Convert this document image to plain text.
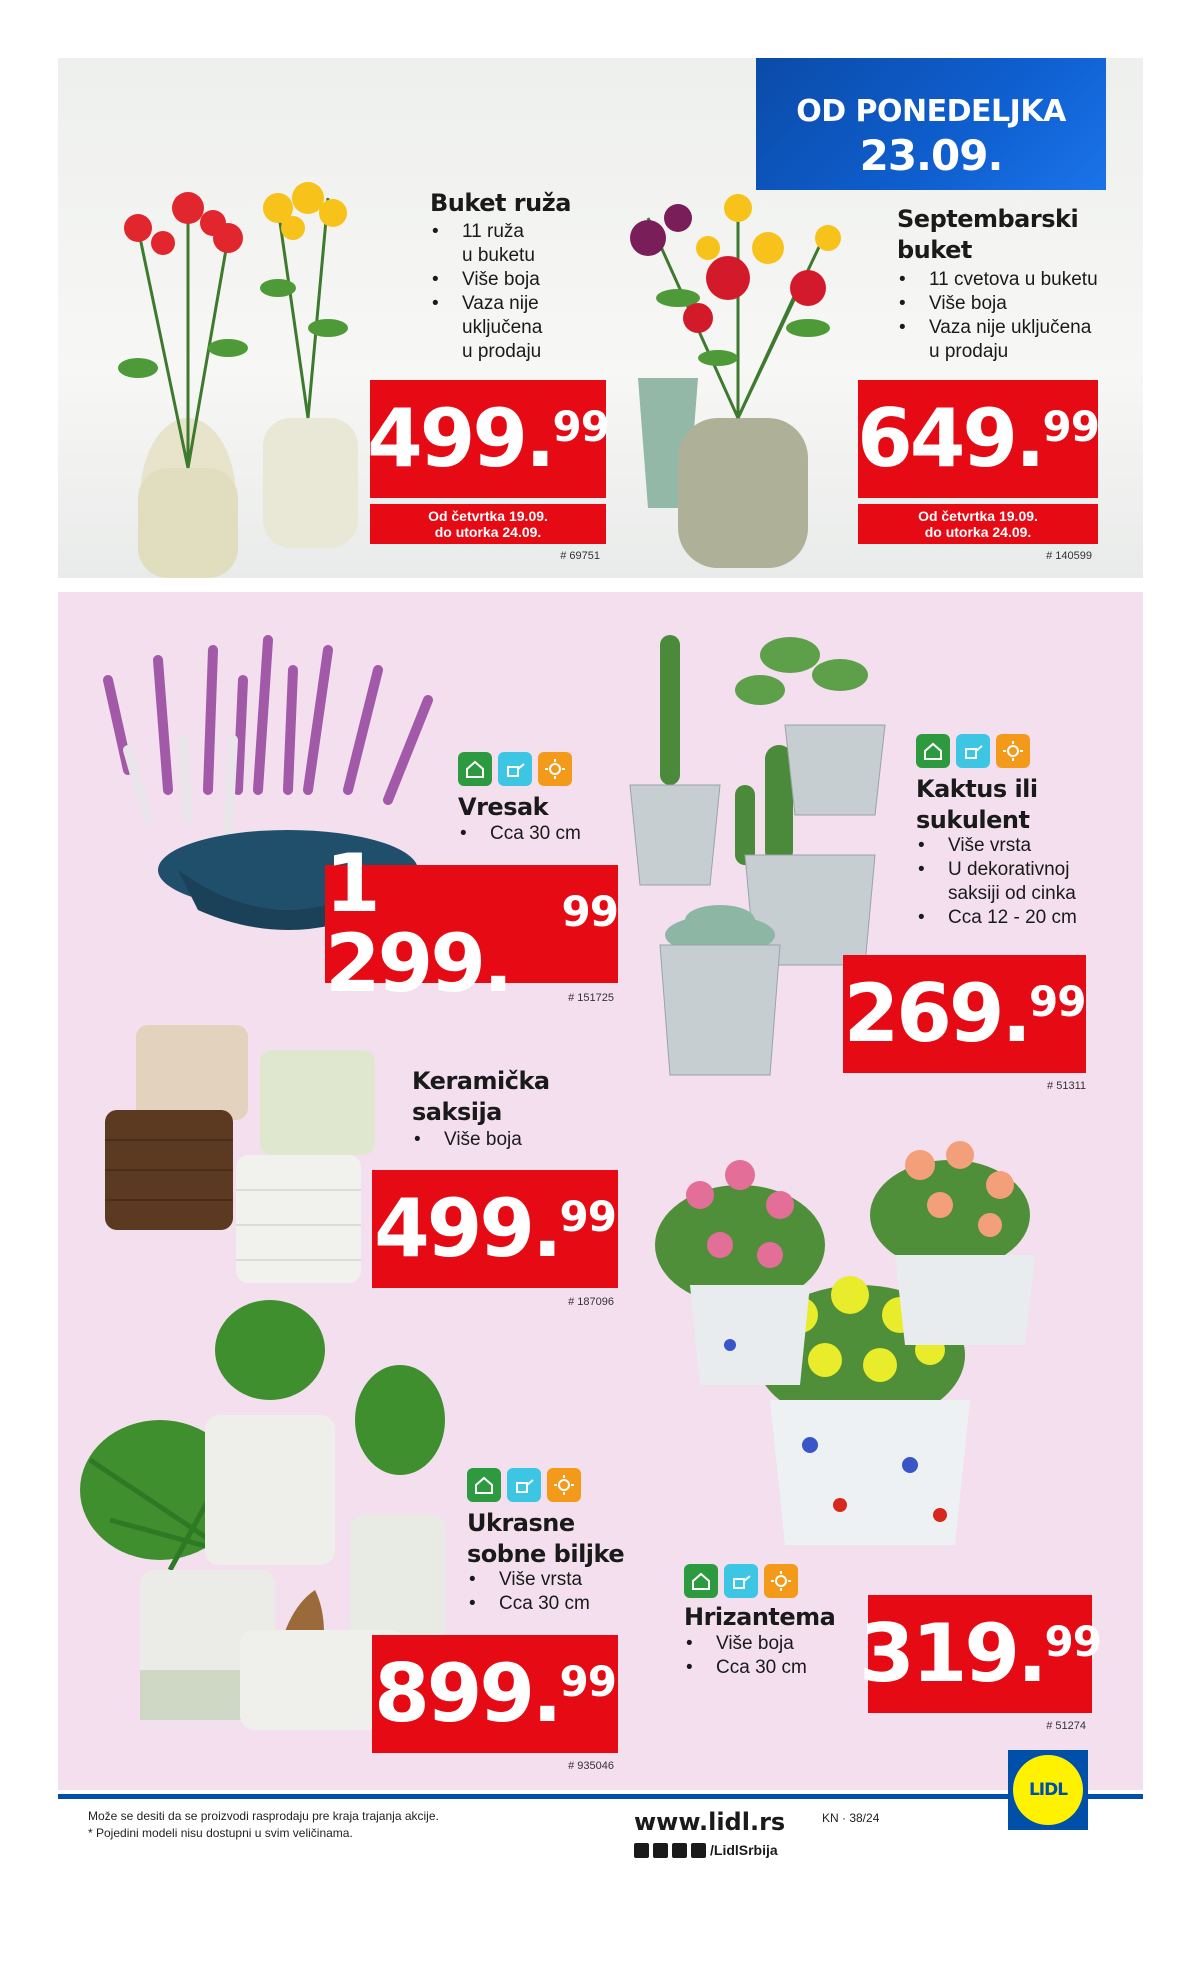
OD PONEDELJKA
23.09.
Buket ruža
• 11 ruža
u buketu
• Više boja
• Vaza nije
uključena
u prodaju
499. 99
Od četvrtka 19.09.
do utorka 24.09.
# 69751
Septembarski
buket
• 11 cvetova u buketu
• Više boja
• Vaza nije uključena
u prodaju
649. 99
Od četvrtka 19.09.
do utorka 24.09.
# 140599
Vresak
• Cca 30 cm
1 299.
99
# 151725
Kaktus ili
sukulent
• Više vrsta
• U dekorativnoj
saksiji od cinka
• Cca 12 - 20 cm
269. 99
# 51311
Keramička
saksija
• Više boja
499. 99
# 187096
Hrizantema
• Više boja
• Cca 30 cm 319. 99
# 51274
Ukrasne
sobne biljke
• Više vrsta
• Cca 30 cm
899. 99
# 935046
Može se desiti da se proizvodi rasprodaju pre kraja trajanja akcije.
* Pojedini modeli nisu dostupni u svim veličinama.	www.lidl.rs
/LidlSrbija
KN · 38/24
LIDL
